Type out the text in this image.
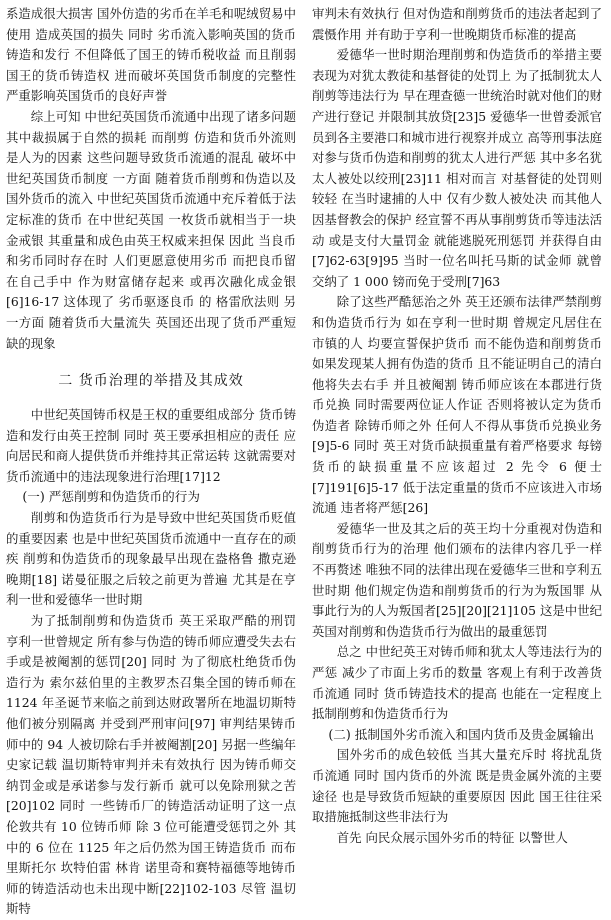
系造成很大损害 国外仿造的劣币在羊毛和呢绒贸易中使用 造成英国的损失 同时 劣币流入影响英国的货币铸造和发行 不但降低了国王的铸币税收益 而且削弱国王的货币铸造权 进而破坏英国货币制度的完整性 严重影响英国货币的良好声誉

综上可知 中世纪英国货币流通中出现了诸多问题 其中裁损属于自然的损耗 而削剪 仿造和货币外流则是人为的因素 这些问题导致货币流通的混乱 破坏中世纪英国货币制度 一方面 随着货币削剪和伪造以及国外货币的流入 中世纪英国货币流通中充斥着低于法定标准的货币 在中世纪英国 一枚货币就相当于一块金戒银 其重量和成色由英王权威来担保 因此 当良币和劣币同时存在时 人们更愿意使用劣币 而把良币留在自己手中 作为财富储存起来 或再次融化成金银[6]16-17 这体现了 劣币驱逐良币 的 格雷欣法则 另一方面 随着货币大量流失 英国还出现了货币严重短缺的现象

二 货币治理的举措及其成效

中世纪英国铸币权是王权的重要组成部分 货币铸造和发行由英王控制 同时 英王要承担相应的责任 应向居民和商人提供货币并维持其正常运转 这就需要对货币流通中的违法现象进行治理[17]12

(一) 严惩削剪和伪造货币的行为

削剪和伪造货币行为是导致中世纪英国货币贬值的重要因素 也是中世纪英国货币流通中一直存在的顽疾 削剪和伪造货币的现象最早出现在盎格鲁 撒克逊晚期[18] 诺曼征服之后较之前更为普遍 尤其是在亨利一世和爱德华一世时期

为了抵制削剪和伪造货币 英王采取严酷的刑罚 亨利一世曾规定 所有参与伪造的铸币师应遭受失去右手或是被阉割的惩罚[20] 同时 为了彻底杜绝货币伪造行为 索尔兹伯里的主教罗杰召集全国的铸币师在 1124 年圣诞节来临之前到达财政署所在地温切斯特 他们被分别隔离 并受到严刑审问[97] 审判结果铸币师中的 94 人被切除右手并被阉割[20] 另据一些编年史家记载 温切斯特审判并未有效执行 因为铸币师交纳罚金或是承诺参与发行新币 就可以免除刑狱之苦[20]102 同时 一些铸币厂的铸造活动证明了这一点 伦敦共有 10 位铸币师 除 3 位可能遭受惩罚之外 其中的 6 位在 1125 年之后仍然为国王铸造货币 而布里斯托尔 坎特伯雷 林肯 诺里奇和赛特福德等地铸币师的铸造活动也未出现中断[22]102-103 尽管 温切斯特

审判未有效执行 但对伪造和削剪货币的违法者起到了震慑作用 并有助于亨利一世晚期货币标准的提高

爱德华一世时期治理削剪和伪造货币的举措主要表现为对犹太教徒和基督徒的处罚上 为了抵制犹太人削剪等违法行为 早在理查德一世统治时就对他们的财产进行登记 并限制其放贷[23]5 爱德华一世曾委派官员到各主要港口和城市进行视察并成立 高等刑事法庭 对参与货币伪造和削剪的犹太人进行严惩 其中多名犹太人被处以绞刑[23]11 相对而言 对基督徒的处罚则较轻 在当时逮捕的人中 仅有少数人被处决 而其他人因基督教会的保护 经宣誓不再从事削剪货币等违法活动 或是支付大量罚金 就能逃脱死刑惩罚 并获得自由[7]62-63[9]95 当时一位名叫托马斯的试金师 就曾交纳了 1 000 镑而免于受刑[7]63

除了这些严酷惩治之外 英王还颁布法律严禁削剪和伪造货币行为 如在亨利一世时期 曾规定凡居住在市镇的人 均要宣誓保护货币 而不能伪造和削剪货币 如果发现某人拥有伪造的货币 且不能证明自己的清白 他将失去右手 并且被阉割 铸币师应该在本郡进行货币兑换 同时需要两位证人作证 否则将被认定为货币伪造者 除铸币师之外 任何人不得从事货币兑换业务[9]5-6 同时 英王对货币缺损重量有着严格要求 每镑货币的缺损重量不应该超过 2 先令 6 便士[7]191[6]5-17 低于法定重量的货币不应该进入市场流通 违者将严惩[26]

爱德华一世及其之后的英王均十分重视对伪造和削剪货币行为的治理 他们颁布的法律内容几乎一样 不再赘述 唯独不同的法律出现在爱德华三世和亨利五世时期 他们规定伪造和削剪货币的行为为叛国罪 从事此行为的人为叛国者[25][20][21]105 这是中世纪英国对削剪和伪造货币行为做出的最重惩罚

总之 中世纪英王对铸币师和犹太人等违法行为的严惩 减少了市面上劣币的数量 客观上有利于改善货币流通 同时 货币铸造技术的提高 也能在一定程度上抵制削剪和伪造货币行为

(二) 抵制国外劣币流入和国内货币及贵金属输出

国外劣币的成色较低 当其大量充斥时 将扰乱货币流通 同时 国内货币的外流 既是贵金属外流的主要途径 也是导致货币短缺的重要原因 因此 国王往往采取措施抵制这些非法行为

首先 向民众展示国外劣币的特征 以警世人
